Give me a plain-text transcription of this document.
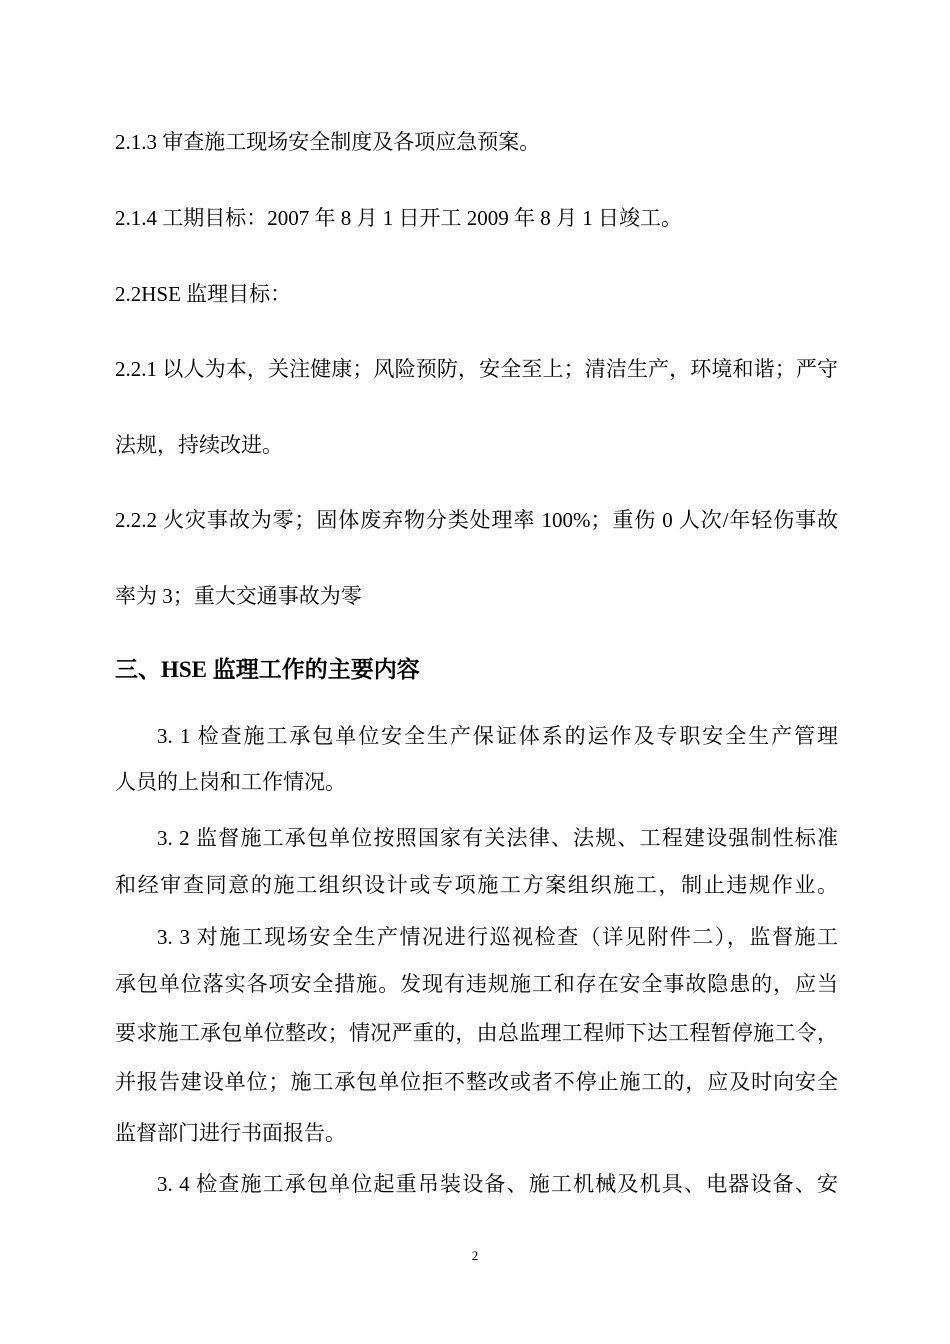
2.1.3 审查施工现场安全制度及各项应急预案。
2.1.4 工期目标：2007 年 8 月 1 日开工 2009 年 8 月 1 日竣工。
2.2HSE 监理目标：
2.2.1 以人为本，关注健康；风险预防，安全至上；清洁生产，环境和谐；严守
法规，持续改进。
2.2.2 火灾事故为零；固体废弃物分类处理率 100%；重伤 0 人次/年轻伤事故
率为 3；重大交通事故为零
三、HSE 监理工作的主要内容
3. 1 检查施工承包单位安全生产保证体系的运作及专职安全生产管理
人员的上岗和工作情况。
3. 2 监督施工承包单位按照国家有关法律、法规、工程建设强制性标准
和经审查同意的施工组织设计或专项施工方案组织施工，制止违规作业。
3. 3 对施工现场安全生产情况进行巡视检查（详见附件二），监督施工
承包单位落实各项安全措施。发现有违规施工和存在安全事故隐患的，应当
要求施工承包单位整改；情况严重的，由总监理工程师下达工程暂停施工令，
并报告建设单位；施工承包单位拒不整改或者不停止施工的，应及时向安全
监督部门进行书面报告。
3. 4 检查施工承包单位起重吊装设备、施工机械及机具、电器设备、安
2
